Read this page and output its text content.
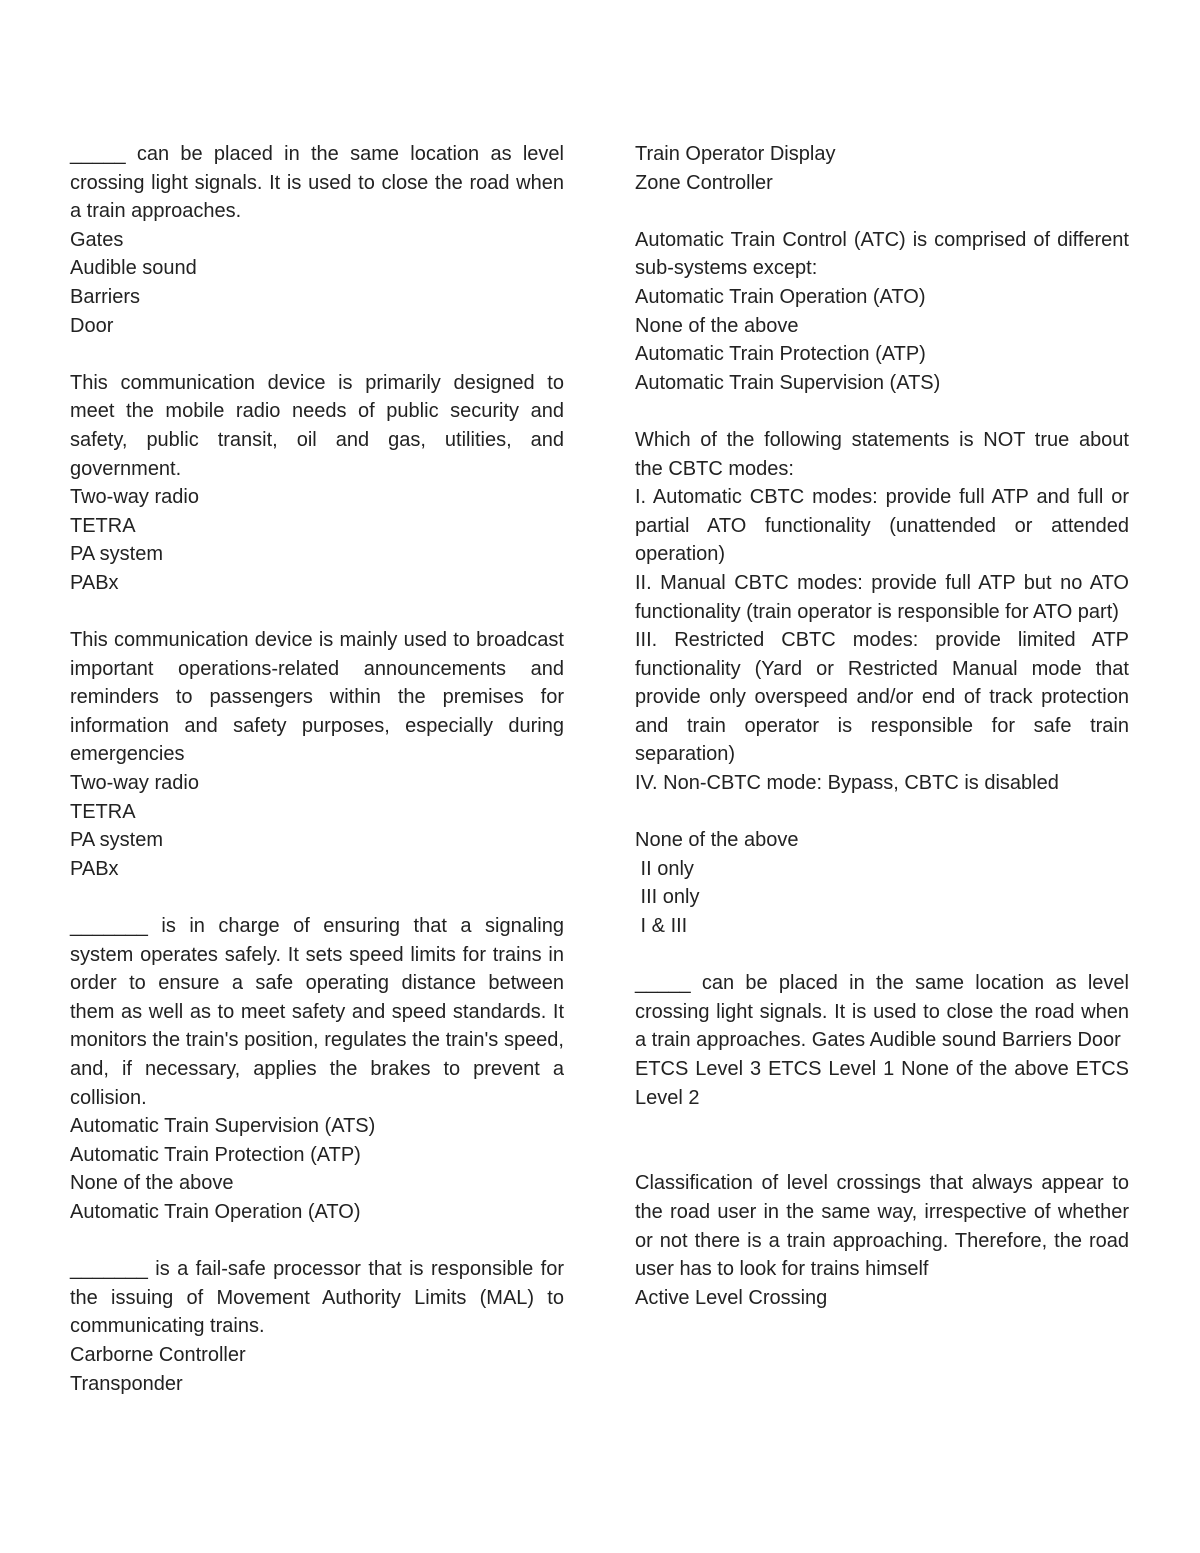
_____ can be placed in the same location as level crossing light signals. It is used to close the road when a train approaches.

Gates

Audible sound

Barriers

Door

This communication device is primarily designed to meet the mobile radio needs of public security and safety, public transit, oil and gas, utilities, and government.

Two-way radio

TETRA

PA system

PABx

This communication device is mainly used to broadcast important operations-related announcements and reminders to passengers within the premises for information and safety purposes, especially during emergencies

Two-way radio

TETRA

PA system

PABx

_______ is in charge of ensuring that a signaling system operates safely. It sets speed limits for trains in order to ensure a safe operating distance between them as well as to meet safety and speed standards. It monitors the train's position, regulates the train's speed, and, if necessary, applies the brakes to prevent a collision.

Automatic Train Supervision (ATS)

Automatic Train Protection (ATP)

None of the above

Automatic Train Operation (ATO)

_______ is a fail-safe processor that is responsible for the issuing of Movement Authority Limits (MAL) to communicating trains.

Carborne Controller

Transponder

Train Operator Display

Zone Controller

Automatic Train Control (ATC) is comprised of different sub-systems except:

Automatic Train Operation (ATO)

None of the above

Automatic Train Protection (ATP)

Automatic Train Supervision (ATS)

Which of the following statements is NOT true about the CBTC modes:

I. Automatic CBTC modes: provide full ATP and full or partial ATO functionality (unattended or attended operation)

II. Manual CBTC modes: provide full ATP but no ATO functionality (train operator is responsible for ATO part)

III. Restricted CBTC modes: provide limited ATP functionality (Yard or Restricted Manual mode that provide only overspeed and/or end of track protection and train operator is responsible for safe train separation)

IV. Non-CBTC mode: Bypass, CBTC is disabled

None of the above

II only

III only

I & III

_____ can be placed in the same location as level crossing light signals. It is used to close the road when a train approaches. Gates Audible sound Barriers Door

ETCS Level 3 ETCS Level 1 None of the above ETCS Level 2

Classification of level crossings that always appear to the road user in the same way, irrespective of whether or not there is a train approaching. Therefore, the road user has to look for trains himself

Active Level Crossing
